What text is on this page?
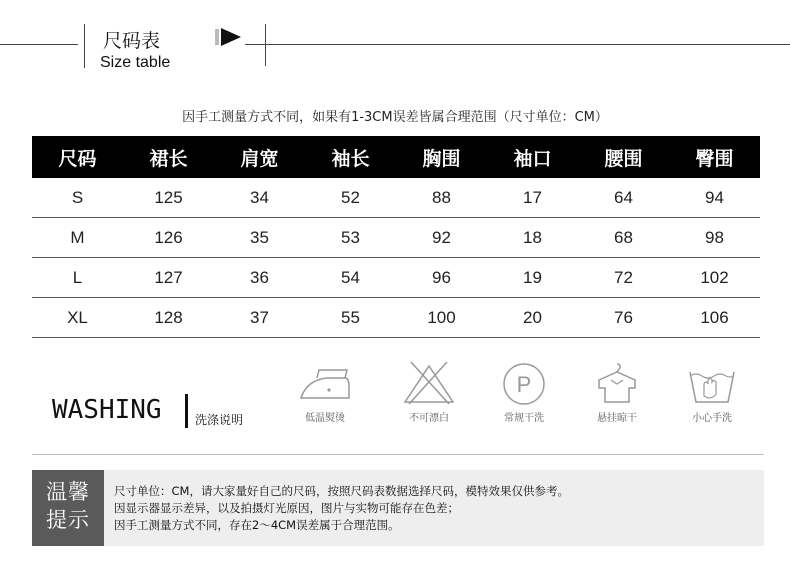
尺码表
Size table
因手工测量方式不同，如果有1-3CM误差皆属合理范围（尺寸单位：CM）
尺码	裙长	肩宽	袖长	胸围	袖口	腰围	臀围
S	125	34	52	88	17	64	94
M	126	35	53	92	18	68	98
L	127	36	54	96	19	72	102
XL	128	37	55	100	20	76	106
WASHING	洗涤说明	低温熨烫	不可漂白
P
常规干洗	悬挂晾干	小心手洗
温馨
提示
尺寸单位：CM，请大家量好自己的尺码，按照尺码表数据选择尺码，模特效果仅供参考。
因显示器显示差异，以及拍摄灯光原因，图片与实物可能存在色差；
因手工测量方式不同，存在2～4CM误差属于合理范围。
